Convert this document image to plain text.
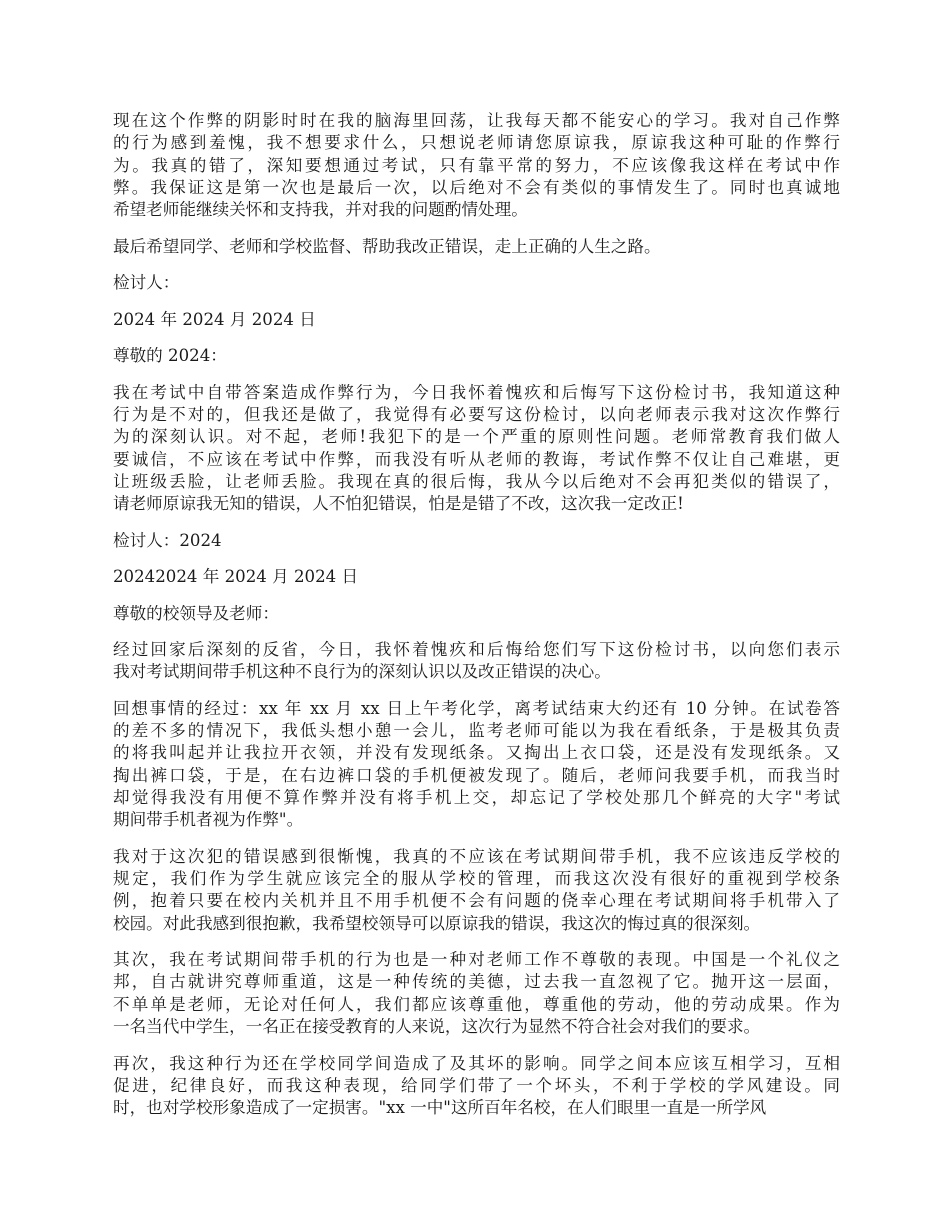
现在这个作弊的阴影时时在我的脑海里回荡，让我每天都不能安心的学习。我对自己作弊
的行为感到羞愧，我不想要求什么，只想说老师请您原谅我，原谅我这种可耻的作弊行
为。我真的错了，深知要想通过考试，只有靠平常的努力，不应该像我这样在考试中作
弊。我保证这是第一次也是最后一次，以后绝对不会有类似的事情发生了。同时也真诚地
希望老师能继续关怀和支持我，并对我的问题酌情处理。
最后希望同学、老师和学校监督、帮助我改正错误，走上正确的人生之路。
检讨人：
2024 年 2024 月 2024 日
尊敬的 2024：
我在考试中自带答案造成作弊行为，今日我怀着愧疚和后悔写下这份检讨书，我知道这种
行为是不对的，但我还是做了，我觉得有必要写这份检讨，以向老师表示我对这次作弊行
为的深刻认识。对不起，老师!我犯下的是一个严重的原则性问题。老师常教育我们做人
要诚信，不应该在考试中作弊，而我没有听从老师的教诲，考试作弊不仅让自己难堪，更
让班级丢脸，让老师丢脸。我现在真的很后悔，我从今以后绝对不会再犯类似的错误了，
请老师原谅我无知的错误，人不怕犯错误，怕是是错了不改，这次我一定改正!
检讨人：2024
20242024 年 2024 月 2024 日
尊敬的校领导及老师：
经过回家后深刻的反省，今日，我怀着愧疚和后悔给您们写下这份检讨书，以向您们表示
我对考试期间带手机这种不良行为的深刻认识以及改正错误的决心。
回想事情的经过：xx 年 xx 月 xx 日上午考化学，离考试结束大约还有 10 分钟。在试卷答
的差不多的情况下，我低头想小憩一会儿，监考老师可能以为我在看纸条，于是极其负责
的将我叫起并让我拉开衣领，并没有发现纸条。又掏出上衣口袋，还是没有发现纸条。又
掏出裤口袋，于是，在右边裤口袋的手机便被发现了。随后，老师问我要手机，而我当时
却觉得我没有用便不算作弊并没有将手机上交，却忘记了学校处那几个鲜亮的大字"考试
期间带手机者视为作弊"。
我对于这次犯的错误感到很惭愧，我真的不应该在考试期间带手机，我不应该违反学校的
规定，我们作为学生就应该完全的服从学校的管理，而我这次没有很好的重视到学校条
例，抱着只要在校内关机并且不用手机便不会有问题的侥幸心理在考试期间将手机带入了
校园。对此我感到很抱歉，我希望校领导可以原谅我的错误，我这次的悔过真的很深刻。
其次，我在考试期间带手机的行为也是一种对老师工作不尊敬的表现。中国是一个礼仪之
邦，自古就讲究尊师重道，这是一种传统的美德，过去我一直忽视了它。抛开这一层面，
不单单是老师，无论对任何人，我们都应该尊重他，尊重他的劳动，他的劳动成果。作为
一名当代中学生，一名正在接受教育的人来说，这次行为显然不符合社会对我们的要求。
再次，我这种行为还在学校同学间造成了及其坏的影响。同学之间本应该互相学习，互相
促进，纪律良好，而我这种表现，给同学们带了一个坏头，不利于学校的学风建设。同
时，也对学校形象造成了一定损害。"xx 一中"这所百年名校，在人们眼里一直是一所学风
